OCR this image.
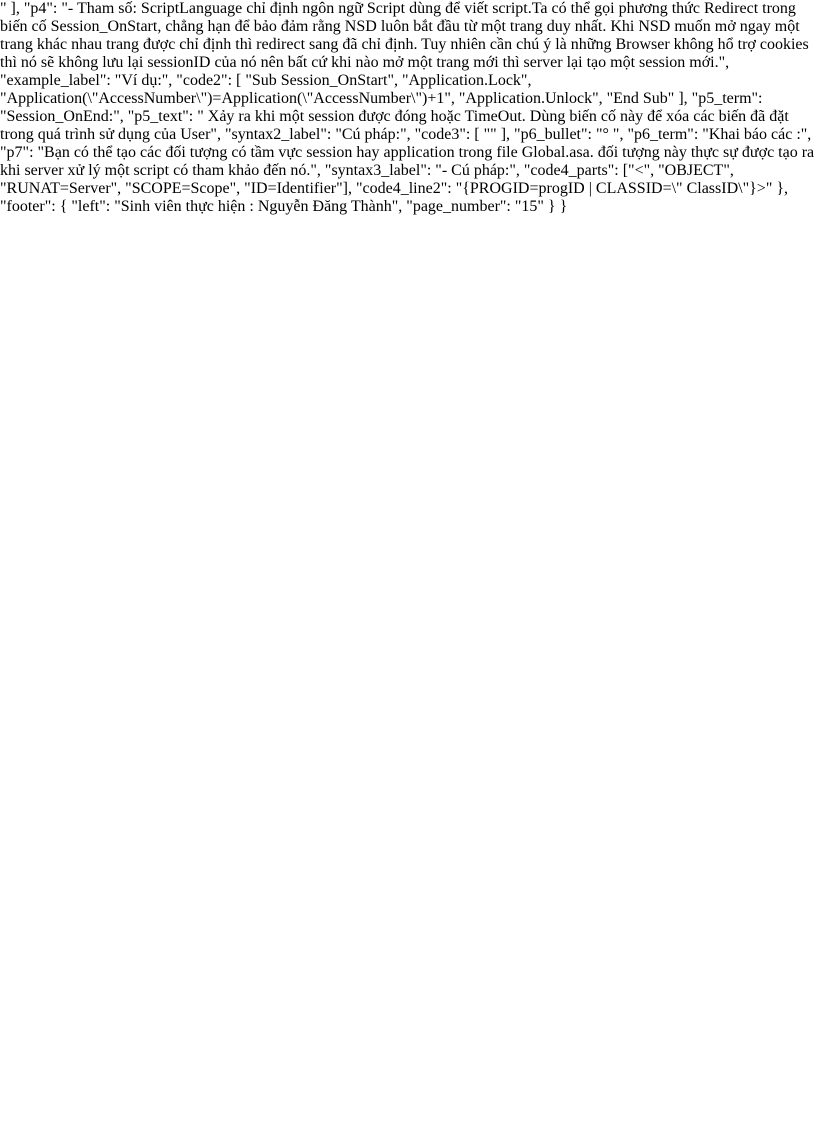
" ], "p4": "- Tham số: ScriptLanguage chỉ định ngôn ngữ Script dùng để viết script.Ta có thể gọi phương thức Redirect trong biến cố Session_OnStart, chẳng hạn để bảo đảm rằng NSD luôn bắt đầu từ một trang duy nhất. Khi NSD muốn mở ngay một trang khác nhau trang được chỉ định thì redirect sang đã chỉ định. Tuy nhiên cần chú ý là những Browser không hổ trợ cookies thì nó sẽ không lưu lại sessionID của nó nên bất cứ khi nào mở một trang mới thì server lại tạo một session mới.", "example_label": "Ví dụ:", "code2": [ "Sub Session_OnStart", "Application.Lock", "Application(\"AccessNumber\")=Application(\"AccessNumber\")+1", "Application.Unlock", "End Sub" ], "p5_term": "Session_OnEnd:", "p5_text": " Xảy ra khi một session được đóng hoặc TimeOut. Dùng biến cố này để xóa các biến đã đặt trong quá trình sử dụng của User", "syntax2_label": "Cú pháp:", "code3": [ "" ], "p6_bullet": "° ", "p6_term": "Khai báo các :", "p7": "Bạn có thể tạo các đối tượng có tầm vực session hay application trong file Global.asa. đối tượng này thực sự được tạo ra khi server xử lý một script có tham khảo đến nó.", "syntax3_label": "- Cú pháp:", "code4_parts": ["<", "OBJECT", "RUNAT=Server", "SCOPE=Scope", "ID=Identifier"], "code4_line2": "{PROGID=progID | CLASSID=\" ClassID\"}>" }, "footer": { "left": "Sinh viên thực hiện : Nguyễn Đăng Thành", "page_number": "15" } }
